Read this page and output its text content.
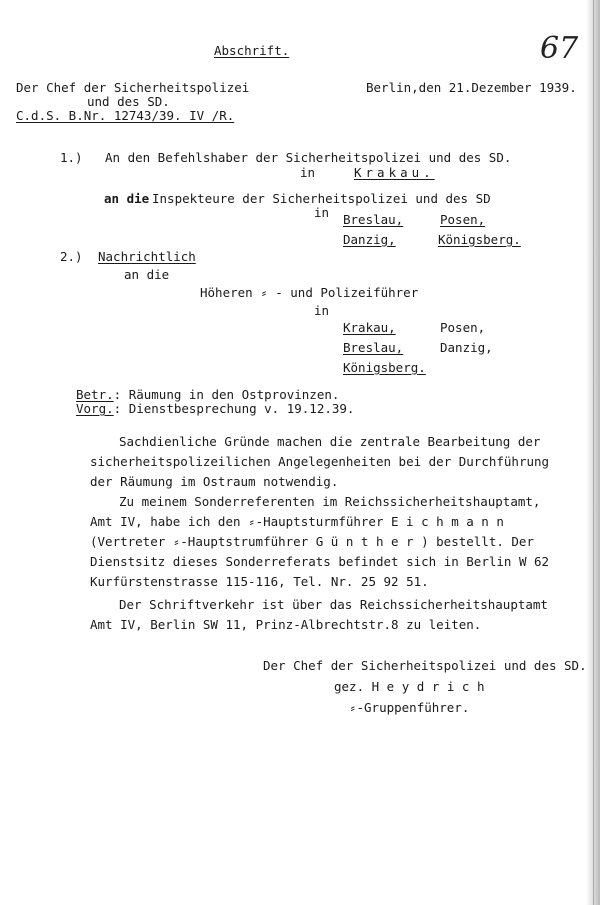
Abschrift.	67
Der Chef der Sicherheitspolizei
und des SD.
C.d.S. B.Nr. 12743/39. IV /R.
Berlin,den 21.Dezember 1939.
1.) An den Befehlshaber der Sicherheitspolizei und des SD.
in	Krakau.
an die Inspekteure der Sicherheitspolizei und des SD
in Breslau,	Posen,
Danzig,	Königsberg.
2.) Nachrichtlich
an die
Höheren ⸗ - und Polizeiführer
in
Krakau,	Posen,
Breslau,	Danzig,
Königsberg.
Betr.: Räumung in den Ostprovinzen.
Vorg.: Dienstbesprechung v. 19.12.39.
Sachdienliche Gründe machen die zentrale Bearbeitung der
sicherheitspolizeilichen Angelegenheiten bei der Durchführung
der Räumung im Ostraum notwendig.
Zu meinem Sonderreferenten im Reichssicherheitshauptamt,
Amt IV, habe ich den ⸗-Hauptsturmführer E i c h m a n n
(Vertreter ⸗-Hauptstrumführer G ü n t h e r ) bestellt. Der
Dienstsitz dieses Sonderreferats befindet sich in Berlin W 62
Kurfürstenstrasse 115-116, Tel. Nr. 25 92 51.
Der Schriftverkehr ist über das Reichssicherheitshauptamt
Amt IV, Berlin SW 11, Prinz-Albrechtstr.8 zu leiten.
Der Chef der Sicherheitspolizei und des SD.
gez. H e y d r i c h
⸗-Gruppenführer.
